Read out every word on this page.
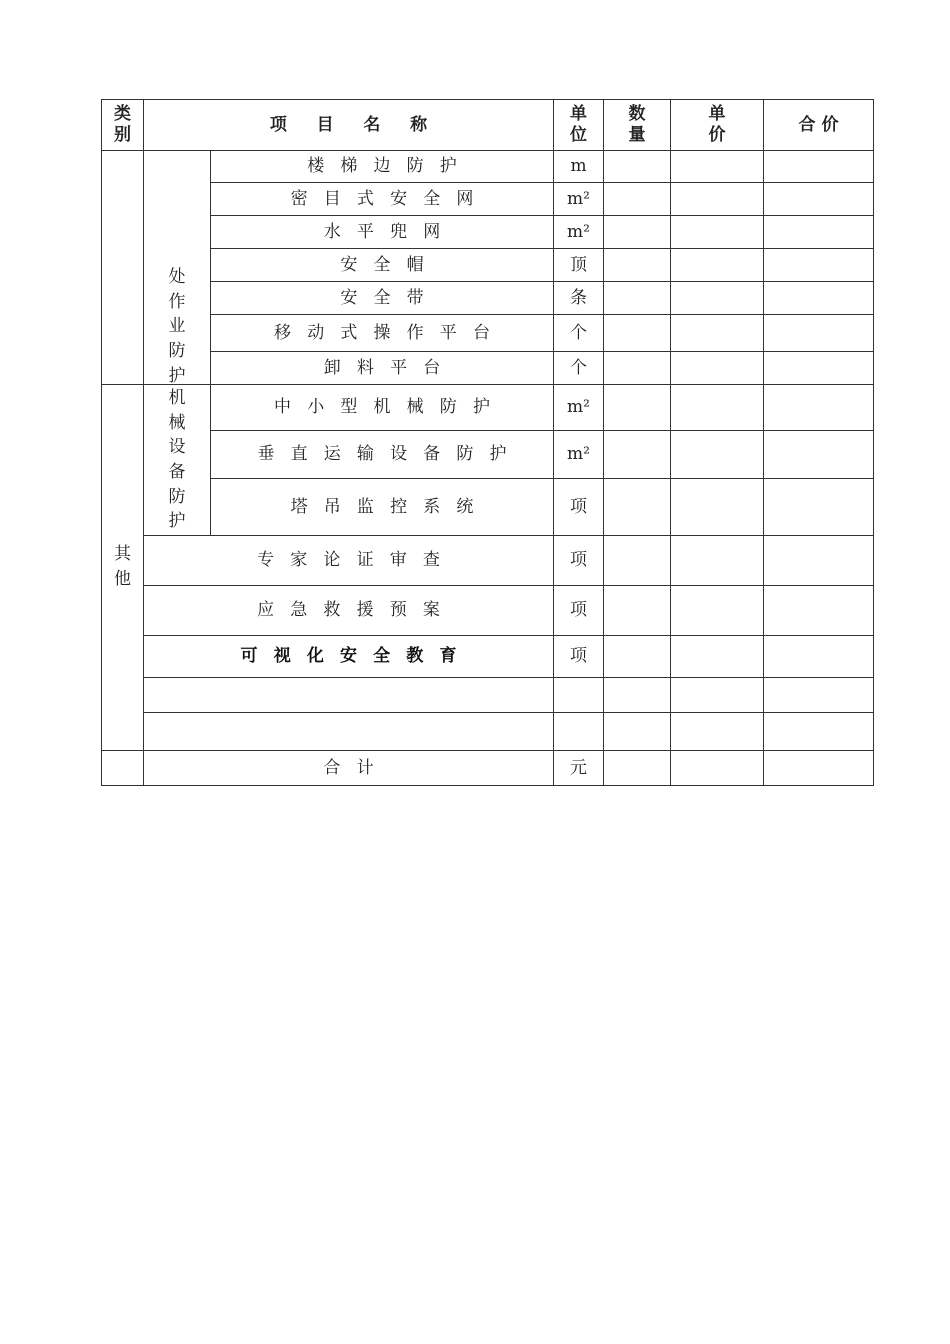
类别	项 目 名 称		单位	数量	单价	合 价

	处作业防护	楼梯边防护	m			
		密目式安全网	m²			
		水平兜网	m²			
		安全帽	顶			
		安全带	条			
		移动式操作平台	个			
		卸料平台	个			

其他	机械设备防护	中小型机械防护	m²			
		垂直运输设备防护	m²			
		塔吊监控系统	项			
	专家论证审查		项			
	应急救援预案		项			
	可视化安全教育		项			

	合计		元			
